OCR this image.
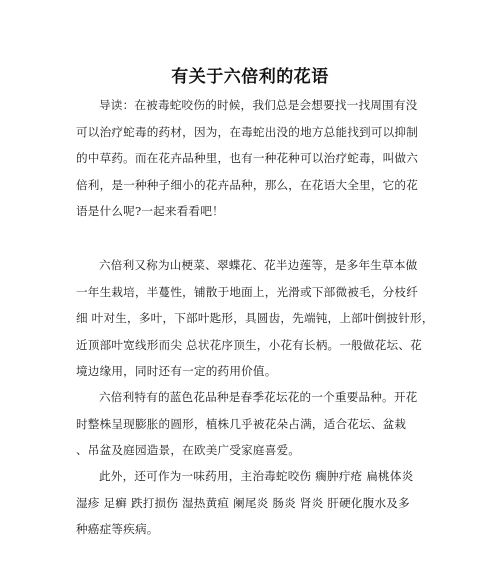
有关于六倍利的花语
导读：在被毒蛇咬伤的时候，我们总是会想要找一找周围有没
可以治疗蛇毒的药材，因为，在毒蛇出没的地方总能找到可以抑制
的中草药。而在花卉品种里，也有一种花种可以治疗蛇毒，叫做六
倍利，是一种种子细小的花卉品种，那么，在花语大全里，它的花
语是什么呢?一起来看看吧！
六倍利又称为山梗菜、翠蝶花、花半边莲等，是多年生草本做
一年生栽培，半蔓性，铺散于地面上，光滑或下部微被毛，分枝纤
细 叶对生，多叶，下部叶匙形，具圆齿，先端钝，上部叶倒披针形，
近顶部叶宽线形而尖 总状花序顶生，小花有长柄。一般做花坛、花
境边缘用，同时还有一定的药用价值。
六倍利特有的蓝色花品种是春季花坛花的一个重要品种。开花
时整株呈现膨胀的圆形，植株几乎被花朵占满，适合花坛、盆栽
、吊盆及庭园造景，在欧美广受家庭喜爱。
此外，还可作为一味药用，主治毒蛇咬伤 瘸肿疔疮 扁桃体炎
湿疹 足癣 跌打损伤 湿热黄疸 阑尾炎 肠炎 肾炎 肝硬化腹水及多
种癌症等疾病。
